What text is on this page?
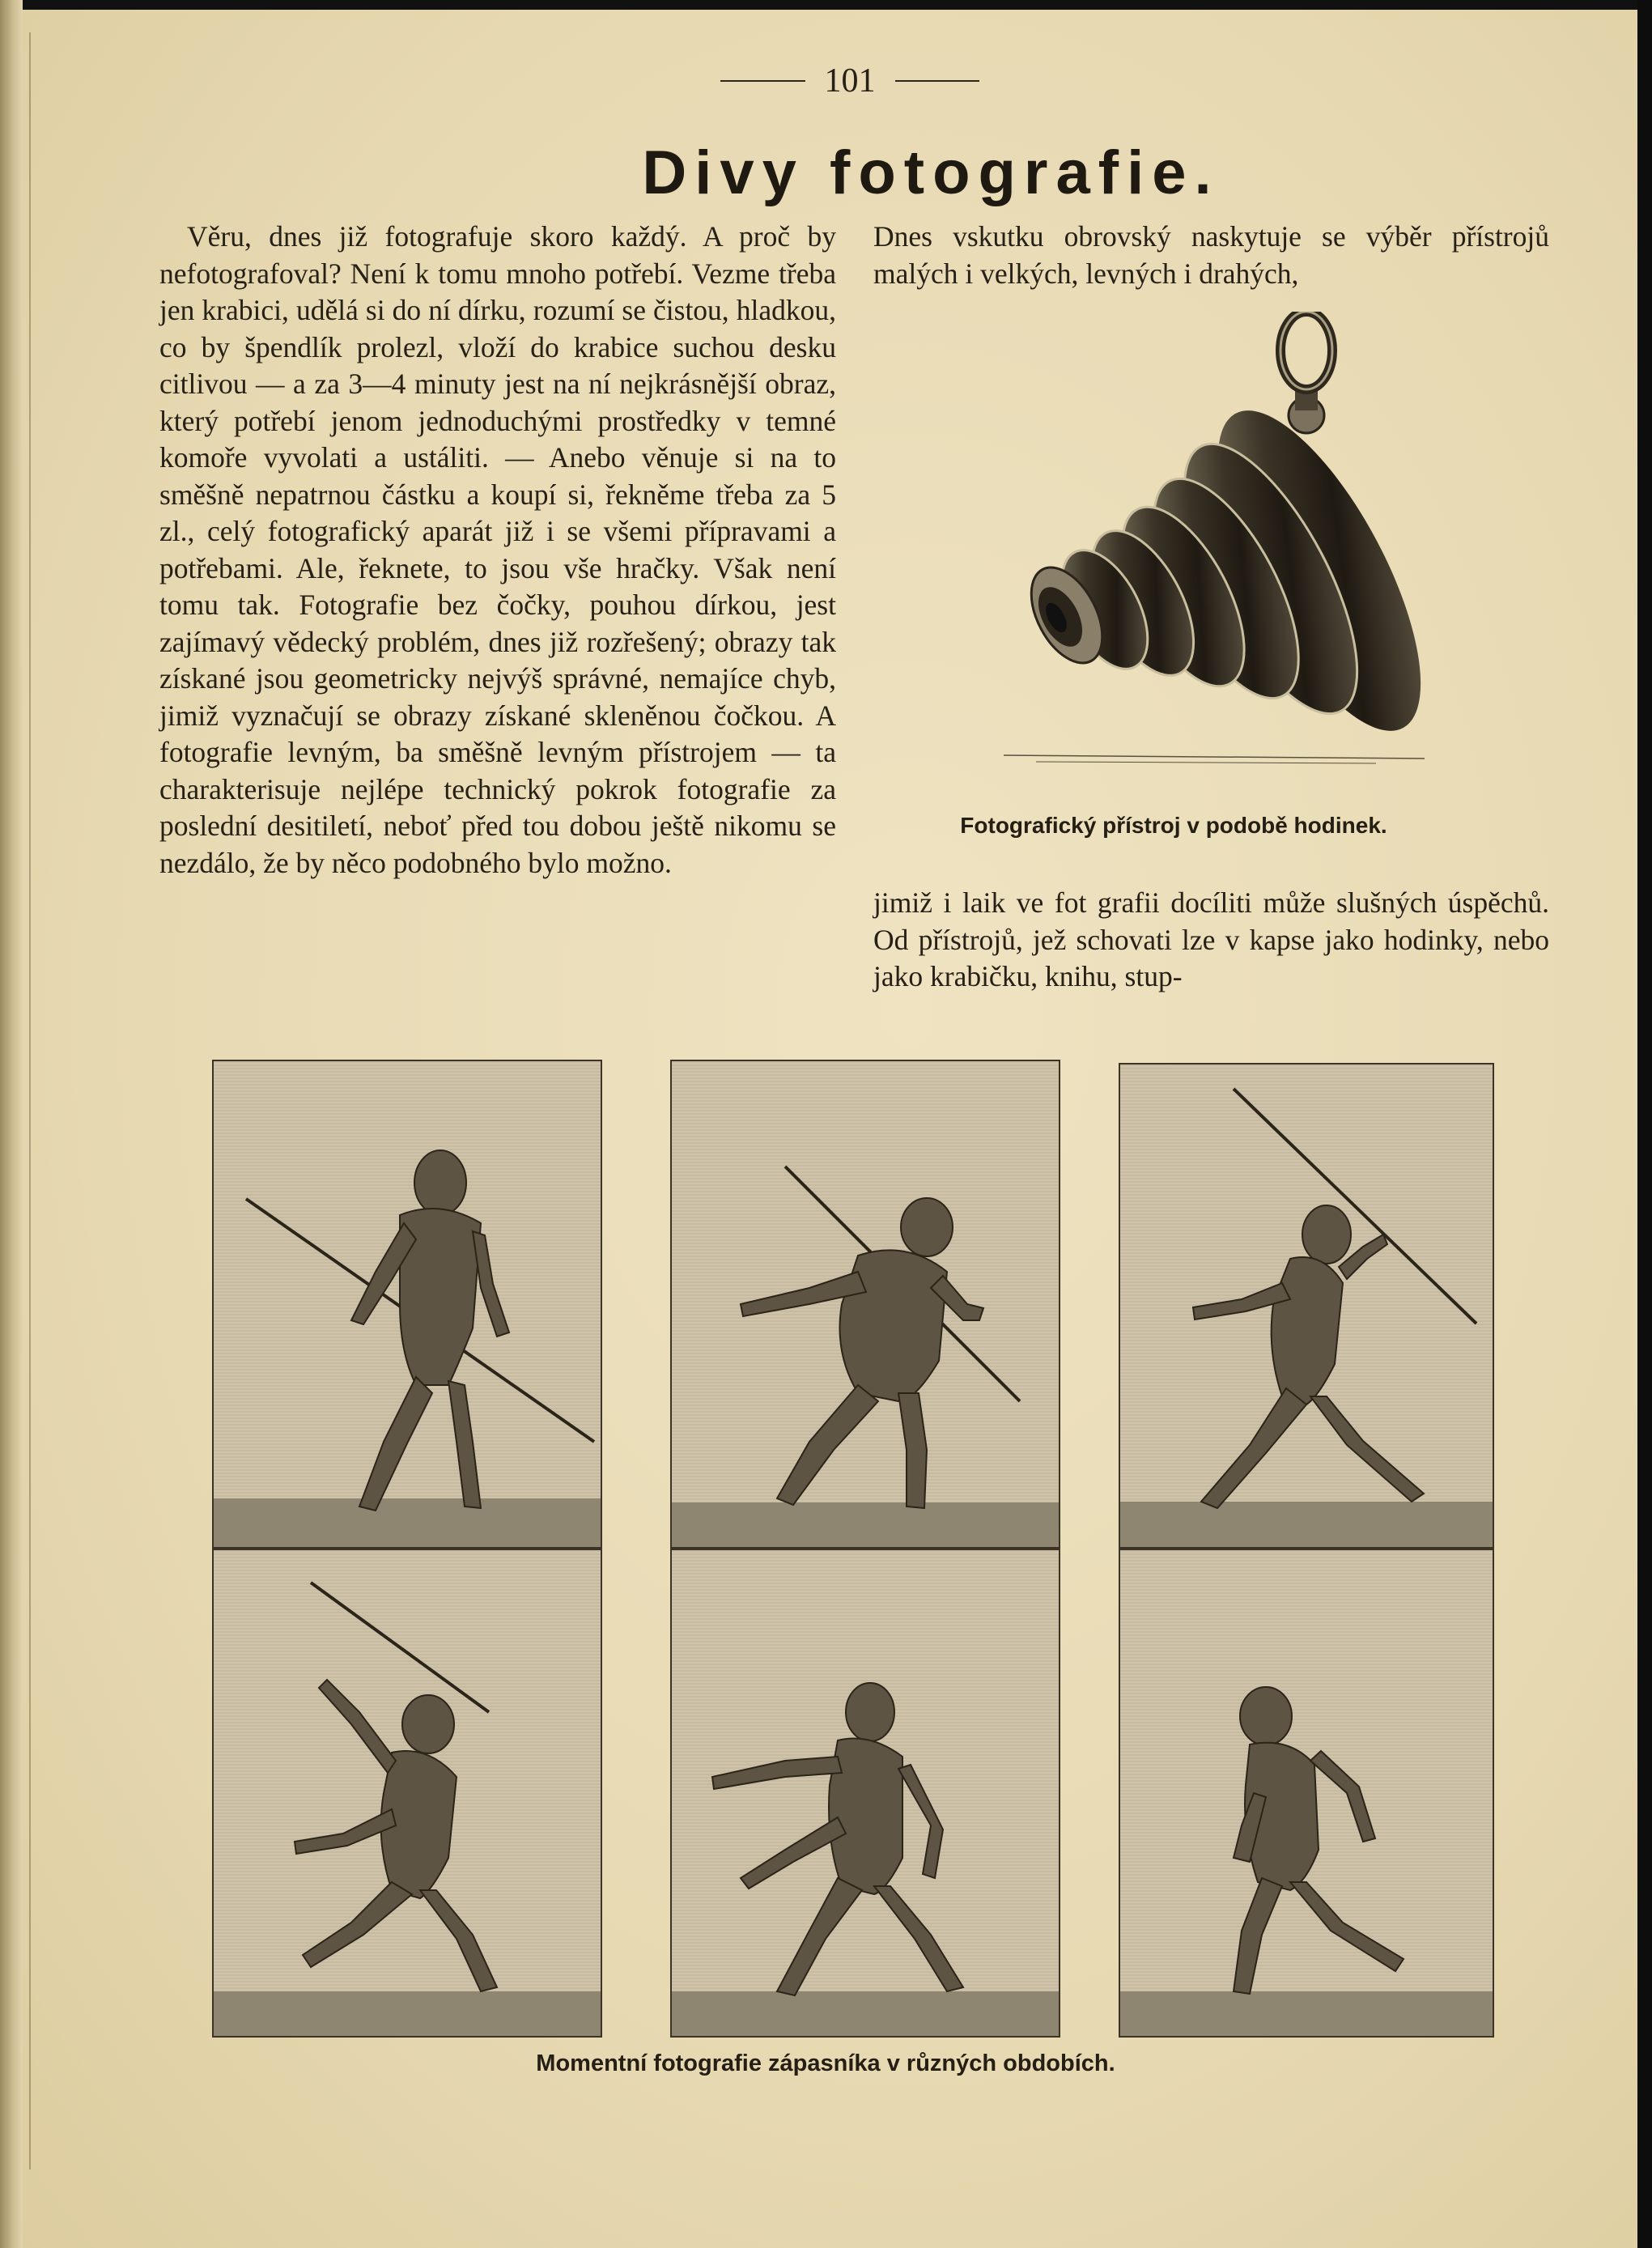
101
Divy fotografie.

Věru, dnes již fotografuje skoro každý. A proč by nefotografoval? Není k tomu mnoho potřebí. Vezme třeba jen krabici, udělá si do ní dírku, rozumí se čistou, hladkou, co by špendlík prolezl, vloží do krabice suchou desku citlivou — a za 3—4 minuty jest na ní nejkrásnější obraz, který potřebí jenom jednoduchými prostředky v temné komoře vyvolati a ustáliti. — Anebo věnuje si na to směšně nepatrnou částku a koupí si, řekněme třeba za 5 zl., celý fotografický aparát již i se všemi přípravami a potřebami. Ale, řeknete, to jsou vše hračky. Však není tomu tak. Fotografie bez čočky, pouhou dírkou, jest zajímavý vědecký problém, dnes již rozřešený; obrazy tak získané jsou geometricky nejvýš správné, nemajíce chyb, jimiž vyznačují se obrazy získané skleněnou čočkou. A fotografie levným, ba směšně levným přístrojem — ta charakterisuje nejlépe technický pokrok fotografie za poslední desitiletí, neboť před tou dobou ještě nikomu se nezdálo, že by něco podobného bylo možno.

Dnes vskutku obrovský naskytuje se výběr přístrojů malých i velkých, levných i drahých,

Fotografický přístroj v podobě hodinek.

jimiž i laik ve fot grafii docíliti může slušných úspěchů. Od přístrojů, jež schovati lze v kapse jako hodinky, nebo jako krabičku, knihu, stup-

Momentní fotografie zápasníka v různých obdobích.
